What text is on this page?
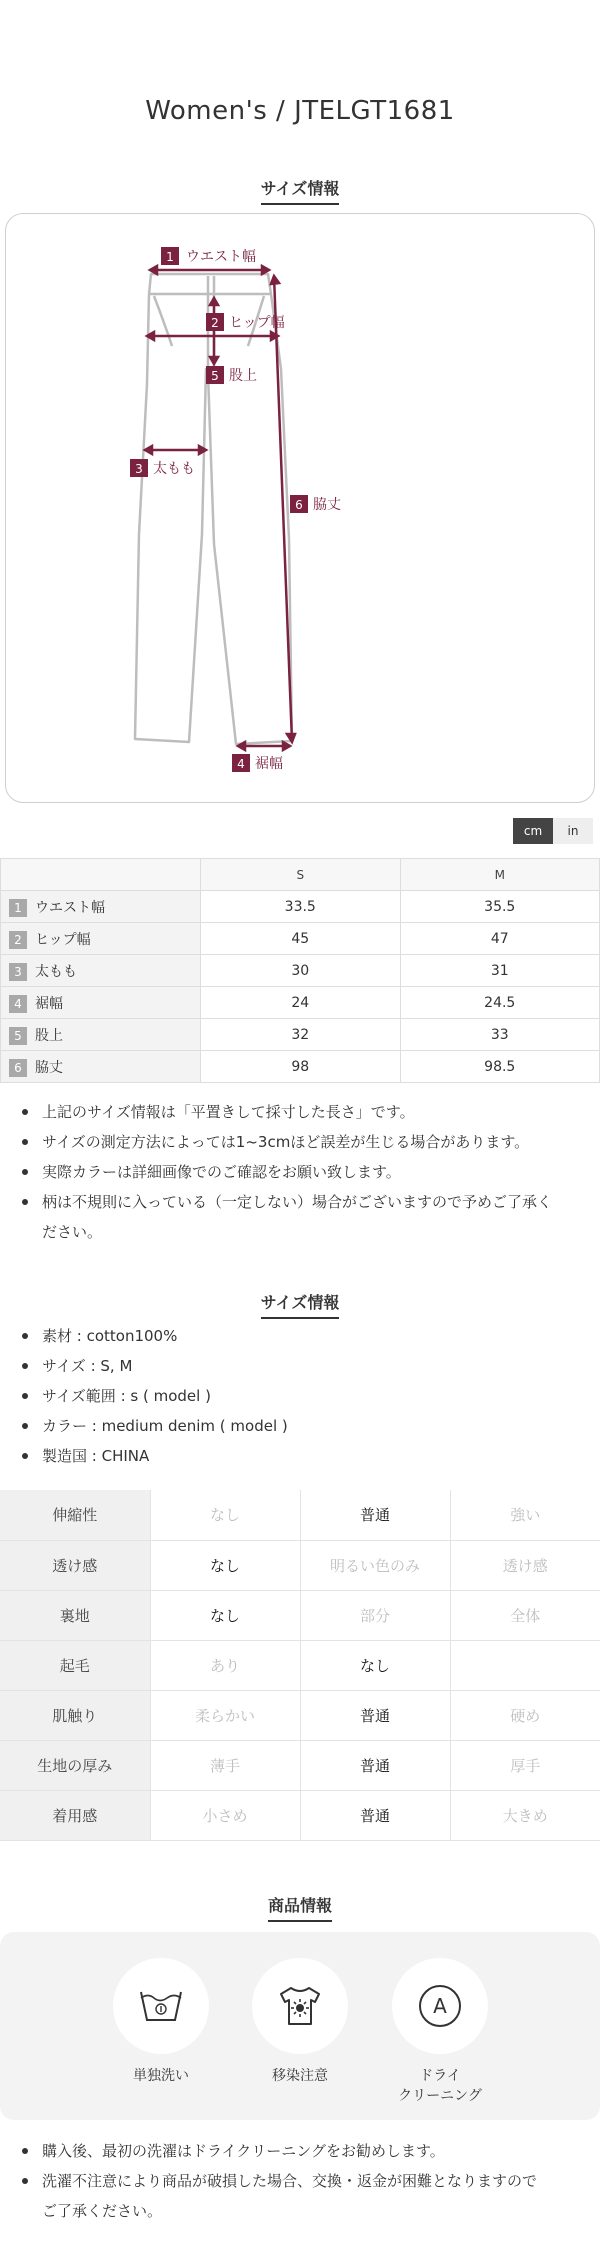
Women's / JTELGT1681
サイズ情報
1 ウエスト幅
2 ヒップ幅
3 太もも
4 裾幅
5 股上
6 脇丈
cm	in
	S	M
1 ウエスト幅	33.5	35.5
2 ヒップ幅	45	47
3 太もも	30	31
4 裾幅	24	24.5
5 股上	32	33
6 脇丈	98	98.5
上記のサイズ情報は「平置きして採寸した長さ」です。
サイズの測定方法によっては1~3cmほど誤差が生じる場合があります。
実際カラーは詳細画像でのご確認をお願い致します。
柄は不規則に入っている（一定しない）場合がございますので予めご了承く
ださい。
サイズ情報
素材 : cotton100%
サイズ : S, M
サイズ範囲 : s ( model )
カラー : medium denim ( model )
製造国 : CHINA
伸縮性	なし	普通	強い
透け感	なし	明るい色のみ	透け感
裏地	なし	部分	全体
起毛	あり	なし	
肌触り	柔らかい	普通	硬め
生地の厚み	薄手	普通	厚手
着用感	小さめ	普通	大きめ
商品情報
単独洗い	移染注意
A
ドライ
クリーニング
購入後、最初の洗濯はドライクリーニングをお勧めします。
洗濯不注意により商品が破損した場合、交換・返金が困難となりますので
ご了承ください。
